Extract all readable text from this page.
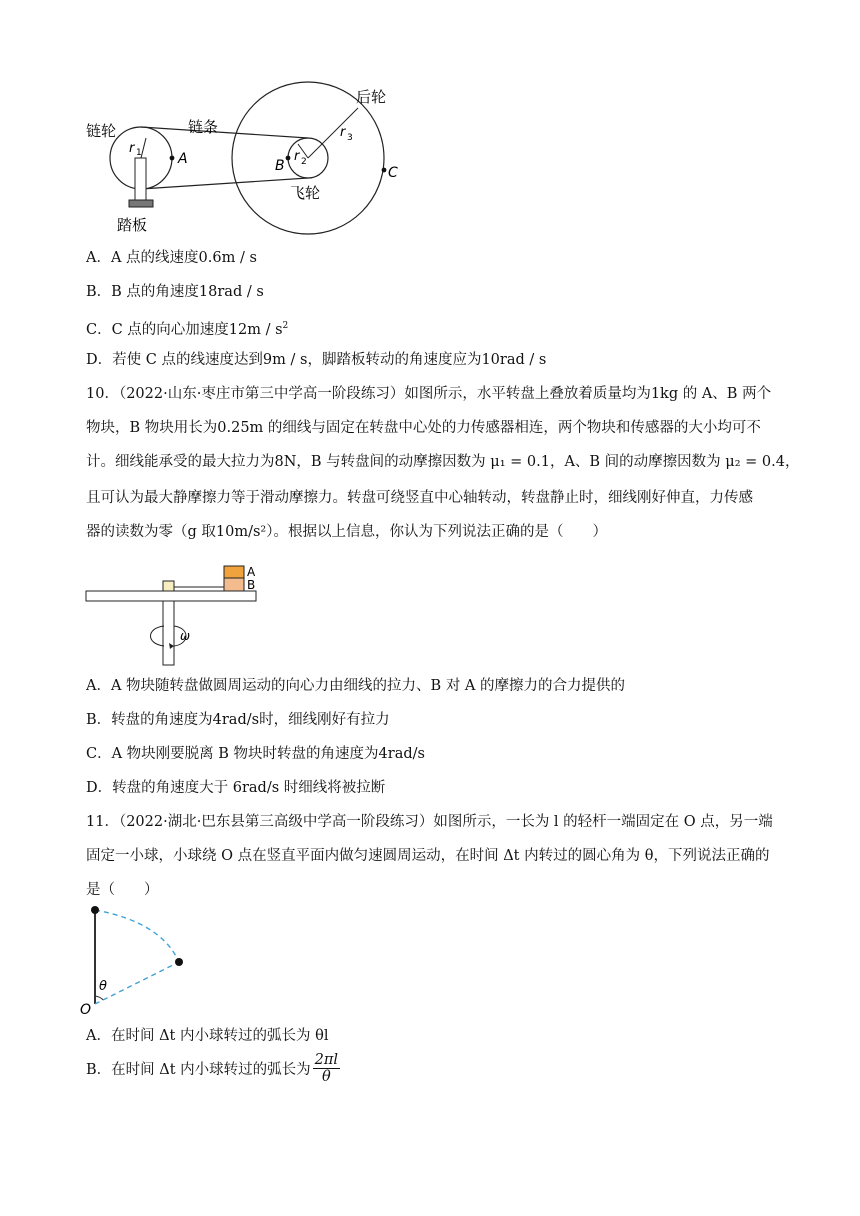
链轮	链条
后轮
飞轮
踏板
r 1	r 2
r 3
A	B	C
A．A 点的线速度0.6m / s
B．B 点的角速度18rad / s
C．C 点的向心加速度$12m / s^2$
D．若使 C 点的线速度达到9m / s，脚踏板转动的角速度应为10rad / s
10．（2022·山东·枣庄市第三中学高一阶段练习）如图所示，水平转盘上叠放着质量均为1kg 的 A、B 两个
物块，B 物块用长为0.25m 的细线与固定在转盘中心处的力传感器相连，两个物块和传感器的大小均可不
计。细线能承受的最大拉力为8N，B 与转盘间的动摩擦因数为 μ₁ = 0.1，A、B 间的动摩擦因数为 μ₂ = 0.4，
且可认为最大静摩擦力等于滑动摩擦力。转盘可绕竖直中心轴转动，转盘静止时，细线刚好伸直，力传感
器的读数为零（g 取10m/s²）。根据以上信息，你认为下列说法正确的是（　　）
A
B
ω
A．A 物块随转盘做圆周运动的向心力由细线的拉力、B 对 A 的摩擦力的合力提供的
B．转盘的角速度为4rad/s时，细线刚好有拉力
C．A 物块刚要脱离 B 物块时转盘的角速度为4rad/s
D．转盘的角速度大于 6rad/s 时细线将被拉断
11．（2022·湖北·巴东县第三高级中学高一阶段练习）如图所示，一长为 l 的轻杆一端固定在 O 点，另一端
固定一小球，小球绕 O 点在竖直平面内做匀速圆周运动，在时间 Δt 内转过的圆心角为 θ，下列说法正确的
是（　　）
O
θ
A．在时间 Δt 内小球转过的弧长为 θl
B．在时间 Δt 内小球转过的弧长为 $\frac{2\pi l}{\theta}$
